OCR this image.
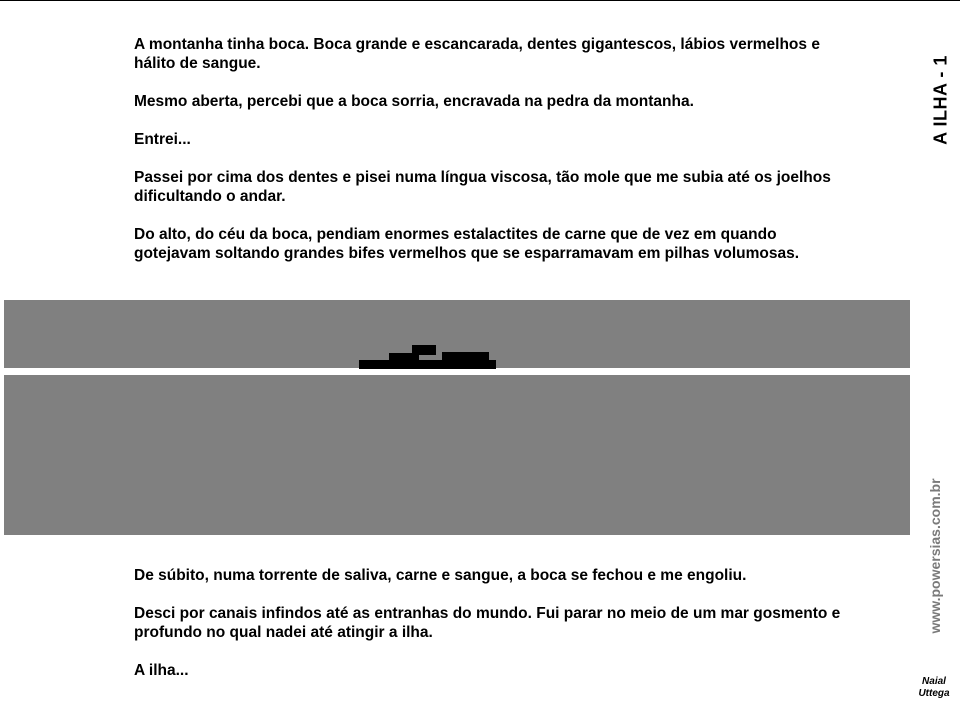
A montanha tinha boca. Boca grande e escancarada, dentes gigantescos, lábios vermelhos e hálito de sangue.

Mesmo aberta, percebi que a boca sorria, encravada na pedra da montanha.

Entrei...

Passei por cima dos dentes e pisei numa língua viscosa, tão mole que me subia até os joelhos dificultando o andar.

Do alto, do céu da boca, pendiam enormes estalactites de carne que de vez em quando gotejavam soltando grandes bifes vermelhos que se esparramavam em pilhas volumosas.

De súbito, numa torrente de saliva, carne e sangue, a boca se fechou e me engoliu.

Desci por canais infindos até as entranhas do mundo. Fui parar no meio de um mar gosmento e profundo no qual nadei até atingir a ilha.

A ilha...

A ILHA - 1
www.powersias.com.br
Naial
Uttega
